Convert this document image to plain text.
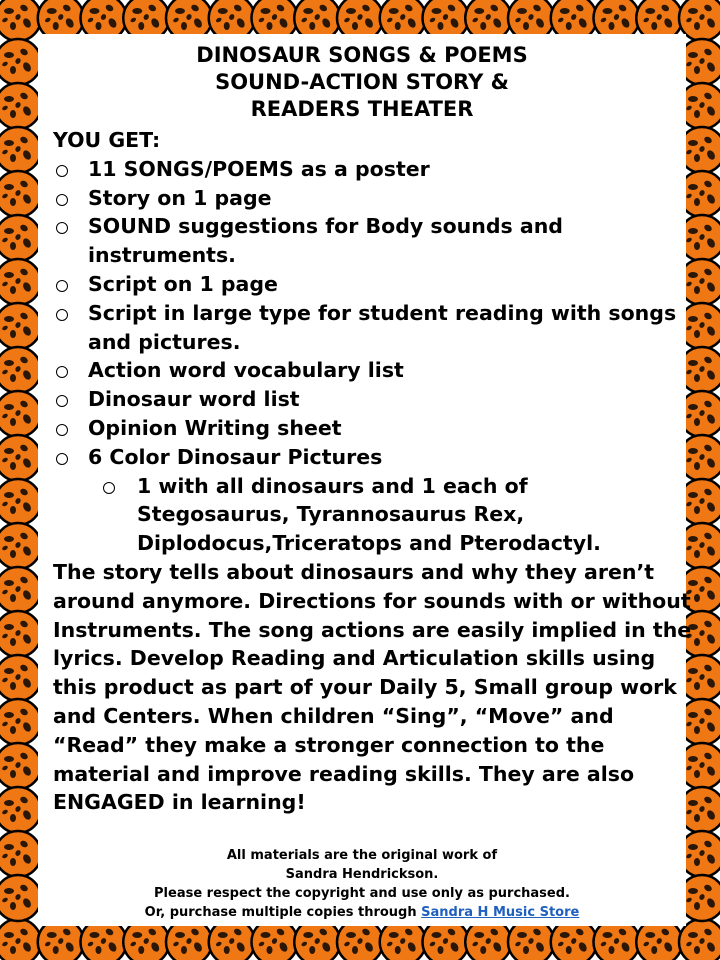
DINOSAUR SONGS & POEMS
SOUND-ACTION STORY &
READERS THEATER
YOU GET:
11 SONGS/POEMS as a poster
Story on 1 page
SOUND suggestions for Body sounds and instruments.
Script on 1 page
Script in large type for student reading with songs and pictures.
Action word vocabulary list
Dinosaur word list
Opinion Writing sheet
6 Color Dinosaur Pictures
1 with all dinosaurs and 1 each of Stegosaurus, Tyrannosaurus Rex, Diplodocus,Triceratops and Pterodactyl.
The story tells about dinosaurs and why they aren’t around anymore. Directions for sounds with or without Instruments. The song actions are easily implied in the lyrics. Develop Reading and Articulation skills using this product as part of your Daily 5, Small group work and Centers. When children “Sing”, “Move” and “Read” they make a stronger connection to the material and improve reading skills. They are also ENGAGED in learning!
All materials are the original work of
Sandra Hendrickson.
Please respect the copyright and use only as purchased.
Or, purchase multiple copies through Sandra H Music Store
